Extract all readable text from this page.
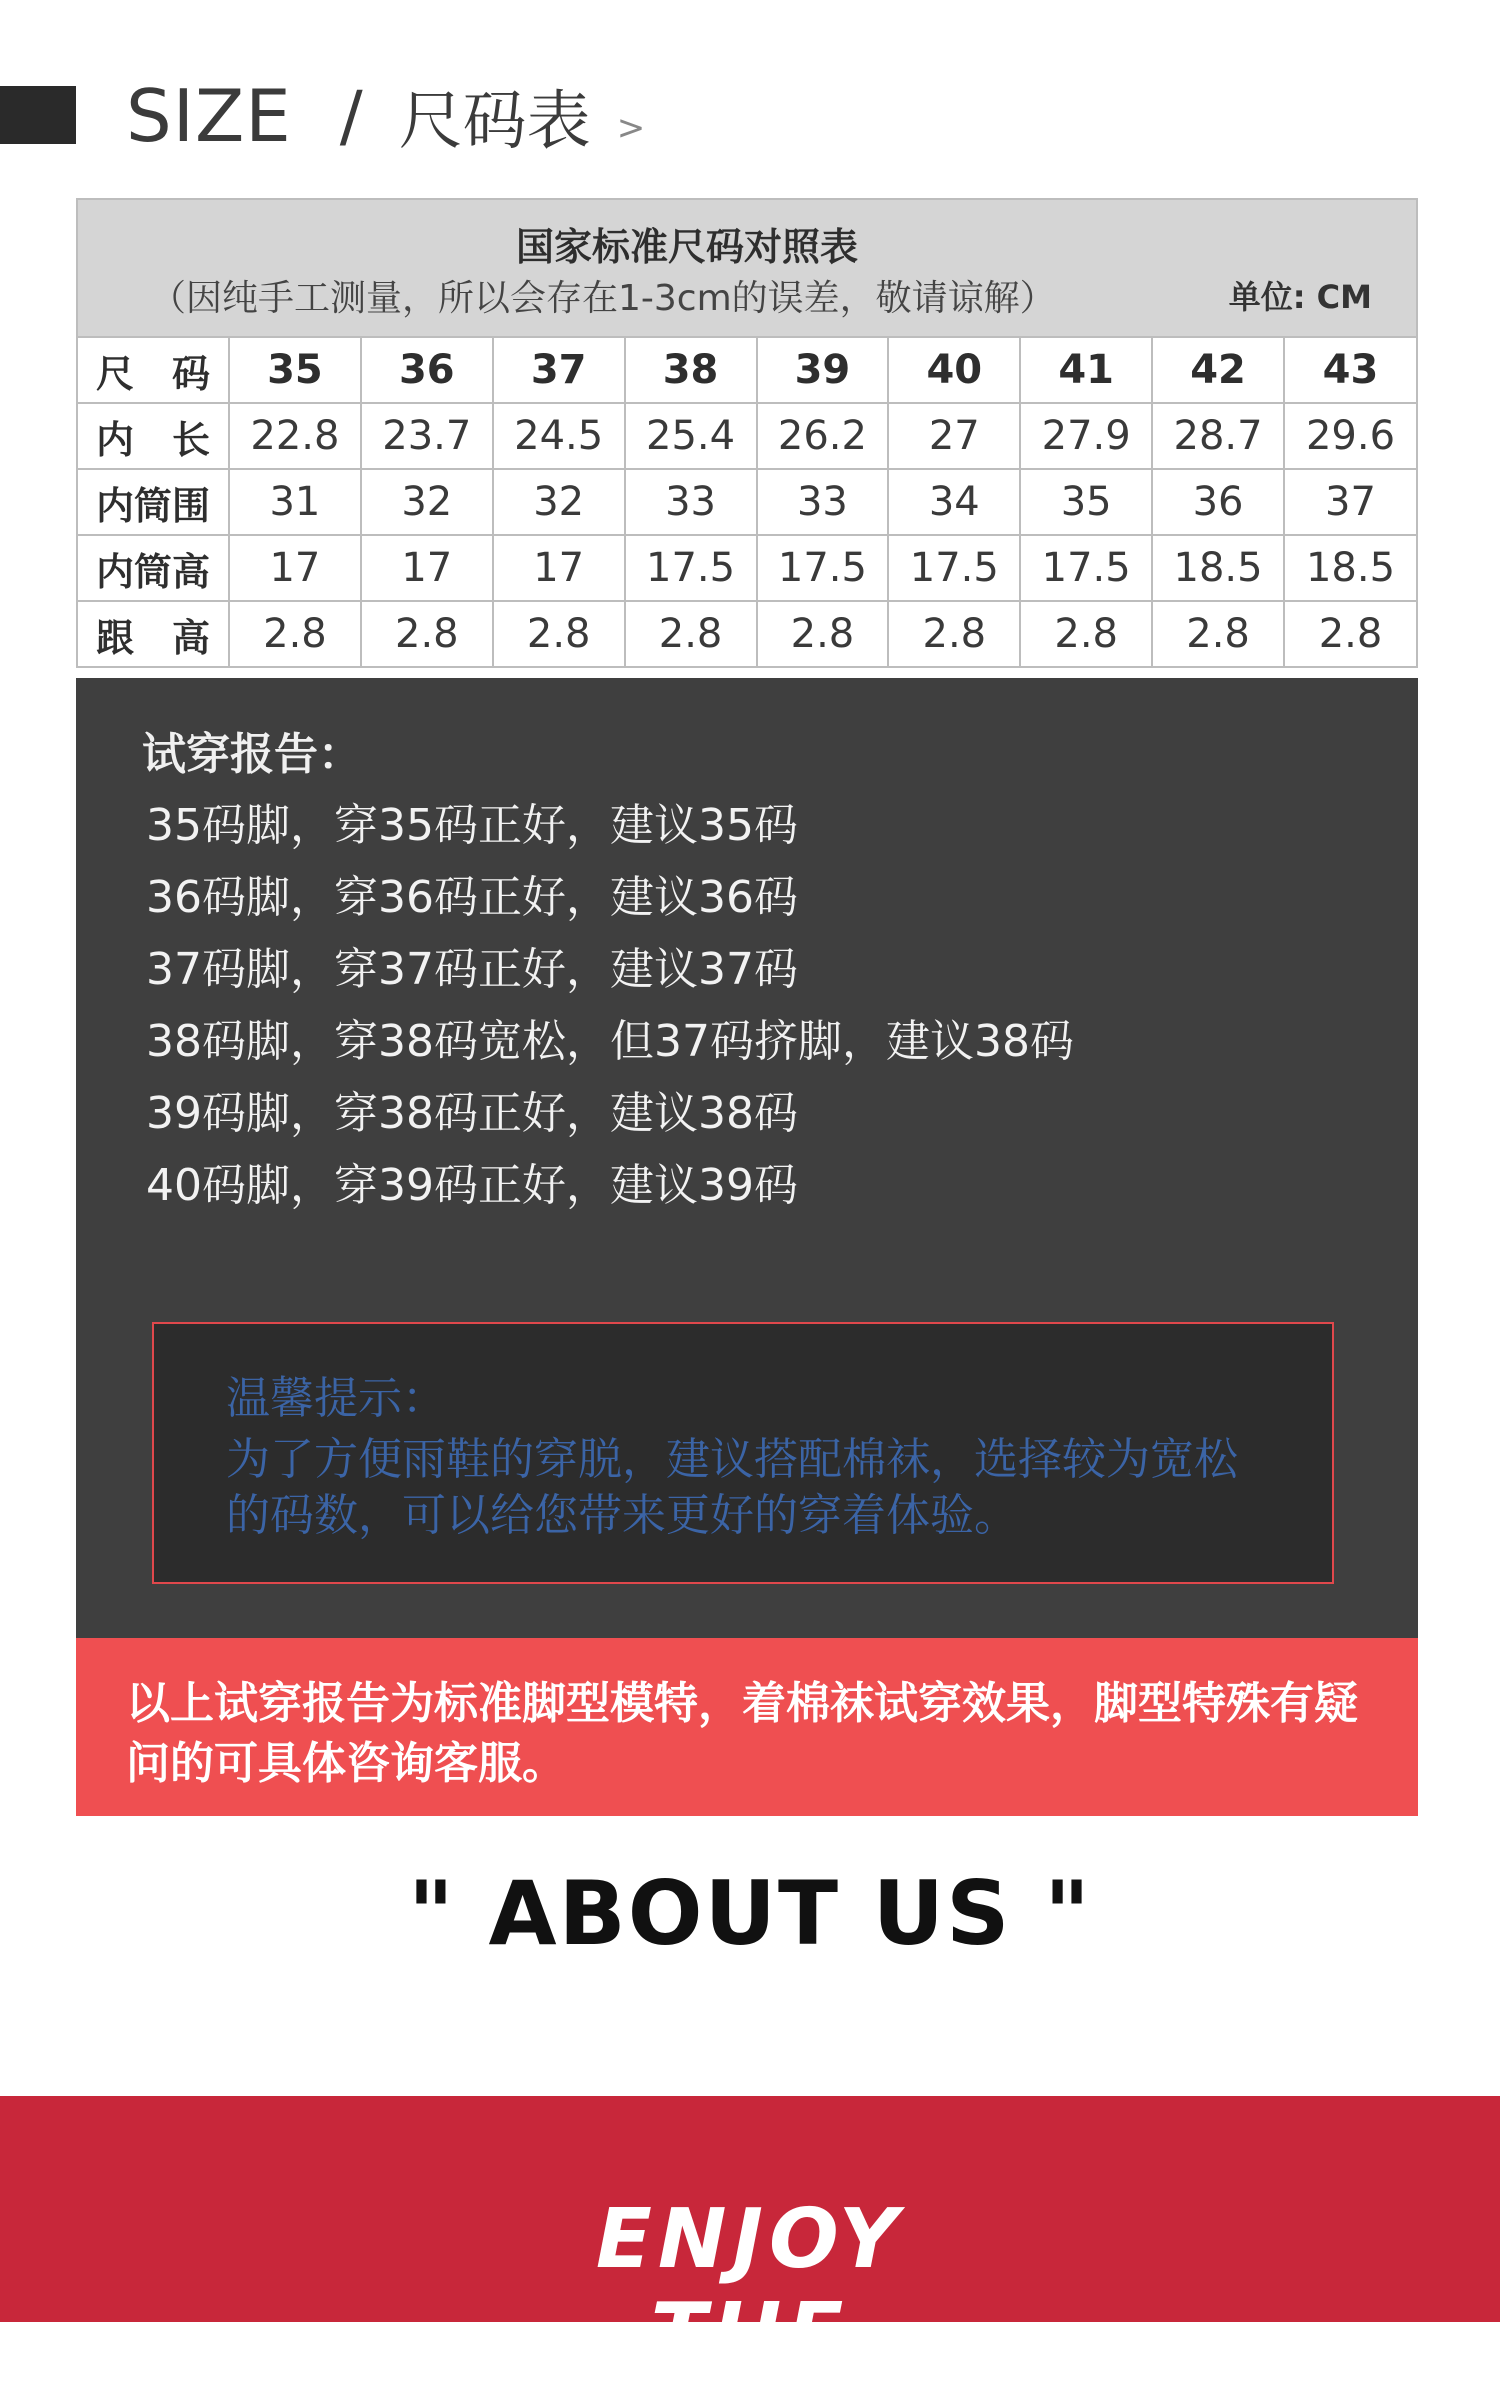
SIZE / 尺码表 >
国家标准尺码对照表
（因纯手工测量，所以会存在1-3cm的误差，敬请谅解）	单位: CM
尺　码	35	36	37	38	39	40	41	42	43
内　长	22.8	23.7	24.5	25.4	26.2	27	27.9	28.7	29.6
内筒围	31	32	32	33	33	34	35	36	37
内筒高	17	17	17	17.5	17.5	17.5	17.5	18.5	18.5
跟　高	2.8	2.8	2.8	2.8	2.8	2.8	2.8	2.8	2.8
试穿报告：
35码脚，穿35码正好，建议35码
36码脚，穿36码正好，建议36码
37码脚，穿37码正好，建议37码
38码脚，穿38码宽松，但37码挤脚，建议38码
39码脚，穿38码正好，建议38码
40码脚，穿39码正好，建议39码
温馨提示：
为了方便雨鞋的穿脱，建议搭配棉袜，选择较为宽松的码数，可以给您带来更好的穿着体验。
以上试穿报告为标准脚型模特，着棉袜试穿效果，脚型特殊有疑问的可具体咨询客服。
" ABOUT US "
ENJOY
THE
